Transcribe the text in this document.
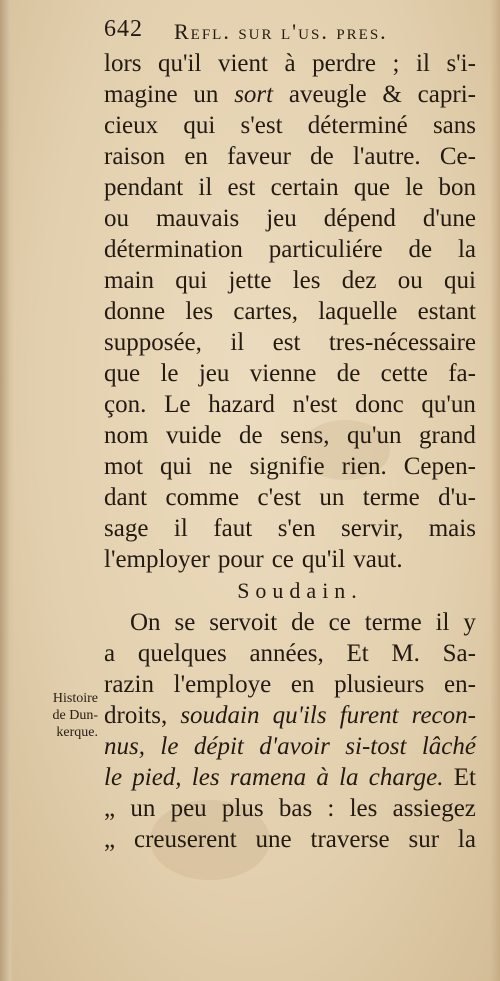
642 Refl. sur l'us. pres.
lors qu'il vient à perdre ; il s'i-
magine un sort aveugle & capri-
cieux qui s'est déterminé sans
raison en faveur de l'autre. Ce-
pendant il est certain que le bon
ou mauvais jeu dépend d'une
détermination particuliére de la
main qui jette les dez ou qui
donne les cartes, laquelle estant
supposée, il est tres-nécessaire
que le jeu vienne de cette fa-
çon. Le hazard n'est donc qu'un
nom vuide de sens, qu'un grand
mot qui ne signifie rien. Cepen-
dant comme c'est un terme d'u-
sage il faut s'en servir, mais
l'employer pour ce qu'il vaut.
Soudain.
On se servoit de ce terme il y
a quelques années, Et M. Sa-
razin l'employe en plusieurs en-
droits, soudain qu'ils furent recon-
nus, le dépit d'avoir si-tost lâché
le pied, les ramena à la charge. Et
„ un peu plus bas : les assiegez
„ creuserent une traverse sur la
Histoire
de Dun-
kerque.
